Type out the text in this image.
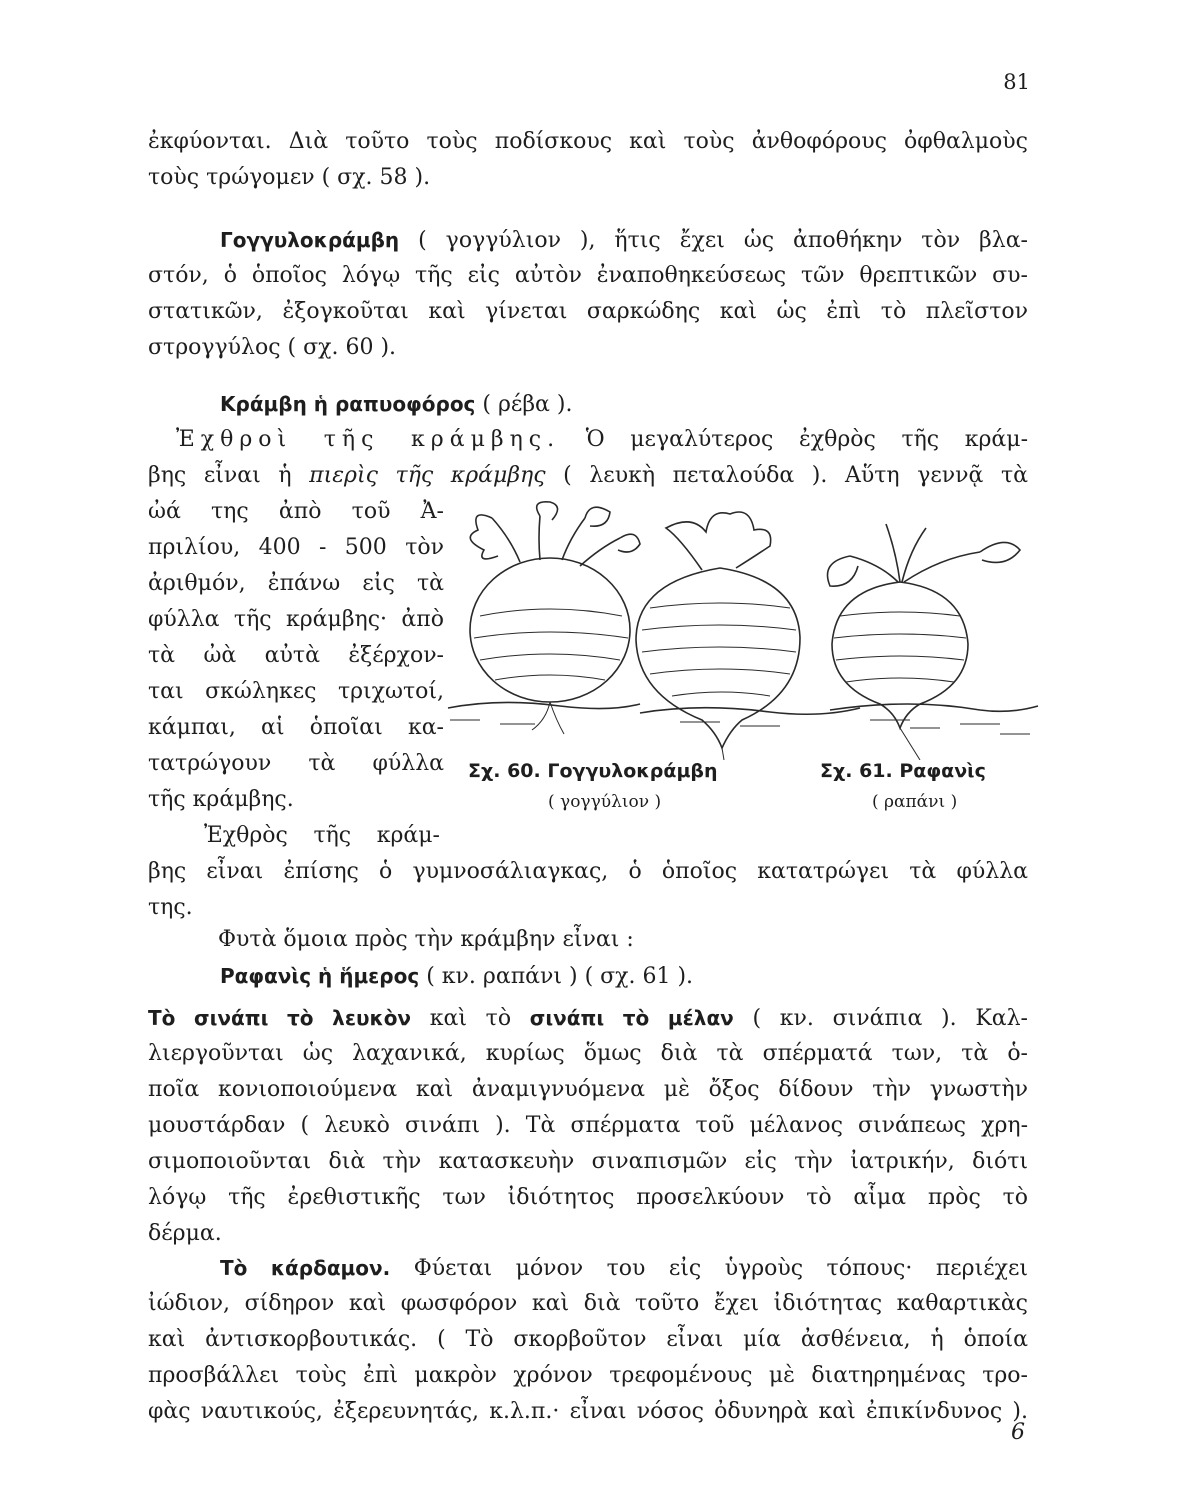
81
ἐκφύονται. Διὰ τοῦτο τοὺς ποδίσκους καὶ τοὺς ἀνθοφόρους ὀφθαλμοὺς
τοὺς τρώγομεν ( σχ. 58 ).
Γογγυλοκράμβη ( γογγύλιον ), ἥτις ἔχει ὡς ἀποθήκην τὸν βλα-
στόν, ὁ ὁποῖος λόγῳ τῆς εἰς αὐτὸν ἐναποθηκεύσεως τῶν θρεπτικῶν συ-
στατικῶν, ἐξογκοῦται καὶ γίνεται σαρκώδης καὶ ὡς ἐπὶ τὸ πλεῖστον
στρογγύλος ( σχ. 60 ).
Κράμβη ἡ ραπυοφόρος ( ρέβα ).
Ἐχθροὶ τῆς κράμβης. Ὁ μεγαλύτερος ἐχθρὸς τῆς κράμ-
βης εἶναι ἡ πιερὶς τῆς κράμβης ( λευκὴ πεταλούδα ). Αὕτη γεννᾷ τὰ
ὠά της ἀπὸ τοῦ Ἀ-
πριλίου, 400 - 500 τὸν
ἀριθμόν, ἐπάνω εἰς τὰ
φύλλα τῆς κράμβης· ἀπὸ
τὰ ὠὰ αὐτὰ ἐξέρχον-
ται σκώληκες τριχωτοί,
κάμπαι, αἱ ὁποῖαι κα-
τατρώγουν τὰ φύλλα
τῆς κράμβης.
Ἐχθρὸς τῆς κράμ-
Σχ. 60. Γογγυλοκράμβη
( γογγύλιον )
Σχ. 61. Ραφανὶς
( ραπάνι )
βης εἶναι ἐπίσης ὁ γυμνοσάλιαγκας, ὁ ὁποῖος κατατρώγει τὰ φύλλα
της.
Φυτὰ ὅμοια πρὸς τὴν κράμβην εἶναι :
Ραφανὶς ἡ ἥμερος ( κν. ραπάνι ) ( σχ. 61 ).
Τὸ σινάπι τὸ λευκὸν καὶ τὸ σινάπι τὸ μέλαν ( κν. σινάπια ). Καλ-
λιεργοῦνται ὡς λαχανικά, κυρίως ὅμως διὰ τὰ σπέρματά των, τὰ ὁ-
ποῖα κονιοποιούμενα καὶ ἀναμιγνυόμενα μὲ ὄξος δίδουν τὴν γνωστὴν
μουστάρδαν ( λευκὸ σινάπι ). Τὰ σπέρματα τοῦ μέλανος σινάπεως χρη-
σιμοποιοῦνται διὰ τὴν κατασκευὴν σιναπισμῶν εἰς τὴν ἰατρικήν, διότι
λόγῳ τῆς ἐρεθιστικῆς των ἰδιότητος προσελκύουν τὸ αἷμα πρὸς τὸ
δέρμα.
Τὸ κάρδαμον. Φύεται μόνον του εἰς ὑγροὺς τόπους· περιέχει
ἰώδιον, σίδηρον καὶ φωσφόρον καὶ διὰ τοῦτο ἔχει ἰδιότητας καθαρτικὰς
καὶ ἀντισκορβουτικάς. ( Τὸ σκορβοῦτον εἶναι μία ἀσθένεια, ἡ ὁποία
προσβάλλει τοὺς ἐπὶ μακρὸν χρόνον τρεφομένους μὲ διατηρημένας τρο-
φὰς ναυτικούς, ἐξερευνητάς, κ.λ.π.· εἶναι νόσος ὀδυνηρὰ καὶ ἐπικίνδυνος ).
6
